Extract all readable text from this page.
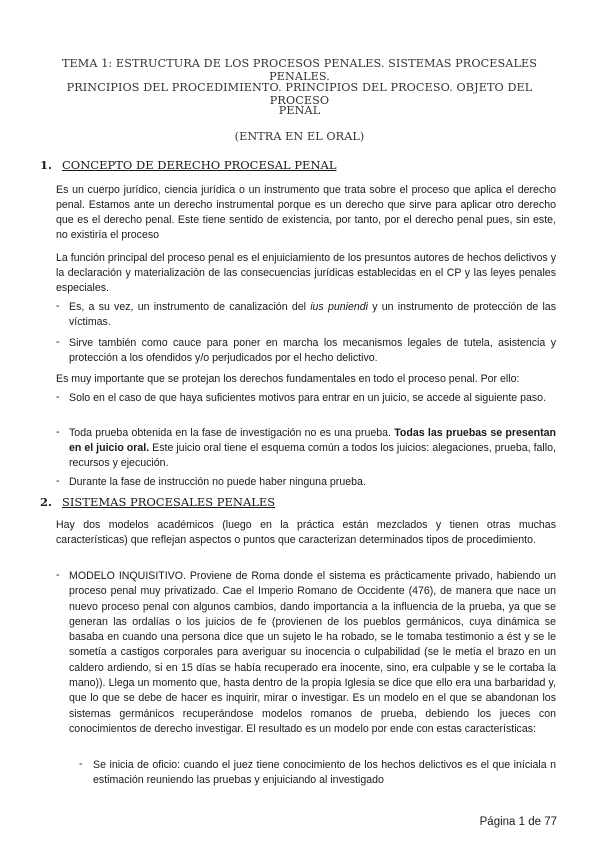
TEMA 1: ESTRUCTURA DE LOS PROCESOS PENALES. SISTEMAS PROCESALES PENALES.
PRINCIPIOS DEL PROCEDIMIENTO. PRINCIPIOS DEL PROCESO. OBJETO DEL PROCESO
PENAL
(ENTRA EN EL ORAL)
1. CONCEPTO DE DERECHO PROCESAL PENAL

Es un cuerpo jurídico, ciencia jurídica o un instrumento que trata sobre el proceso que aplica el derecho penal. Estamos ante un derecho instrumental porque es un derecho que sirve para aplicar otro derecho que es el derecho penal. Este tiene sentido de existencia, por tanto, por el derecho penal pues, sin este, no existiría el proceso

La función principal del proceso penal es el enjuiciamiento de los presuntos autores de hechos delictivos y la declaración y materialización de las consecuencias jurídicas establecidas en el CP y las leyes penales especiales.

- Es, a su vez, un instrumento de canalización del ius puniendi y un instrumento de protección de las víctimas.

- Sirve también como cauce para poner en marcha los mecanismos legales de tutela, asistencia y protección a los ofendidos y/o perjudicados por el hecho delictivo.

Es muy importante que se protejan los derechos fundamentales en todo el proceso penal. Por ello:

- Solo en el caso de que haya suficientes motivos para entrar en un juicio, se accede al siguiente paso.

- Toda prueba obtenida en la fase de investigación no es una prueba. Todas las pruebas se presentan en el juicio oral. Este juicio oral tiene el esquema común a todos los juicios: alegaciones, prueba, fallo, recursos y ejecución.

- Durante la fase de instrucción no puede haber ninguna prueba.

2. SISTEMAS PROCESALES PENALES

Hay dos modelos académicos (luego en la práctica están mezclados y tienen otras muchas características) que reflejan aspectos o puntos que caracterizan determinados tipos de procedimiento.

- MODELO INQUISITIVO. Proviene de Roma donde el sistema es prácticamente privado, habiendo un proceso penal muy privatizado. Cae el Imperio Romano de Occidente (476), de manera que nace un nuevo proceso penal con algunos cambios, dando importancia a la influencia de la prueba, ya que se generan las ordalías o los juicios de fe (provienen de los pueblos germánicos, cuya dinámica se basaba en cuando una persona dice que un sujeto le ha robado, se le tomaba testimonio a ést y se le sometía a castigos corporales para averiguar su inocencia o culpabilidad (se le metía el brazo en un caldero ardiendo, si en 15 días se había recuperado era inocente, sino, era culpable y se le cortaba la mano)). Llega un momento que, hasta dentro de la propia Iglesia se dice que ello era una barbaridad y, que lo que se debe de hacer es inquirir, mirar o investigar. Es un modelo en el que se abandonan los sistemas germánicos recuperándose modelos romanos de prueba, debiendo los jueces con conocimientos de derecho investigar. El resultado es un modelo por ende con estas características:

- Se inicia de oficio: cuando el juez tiene conocimiento de los hechos delictivos es el que iníciala n estimación reuniendo las pruebas y enjuiciando al investigado

Página 1 de 77
